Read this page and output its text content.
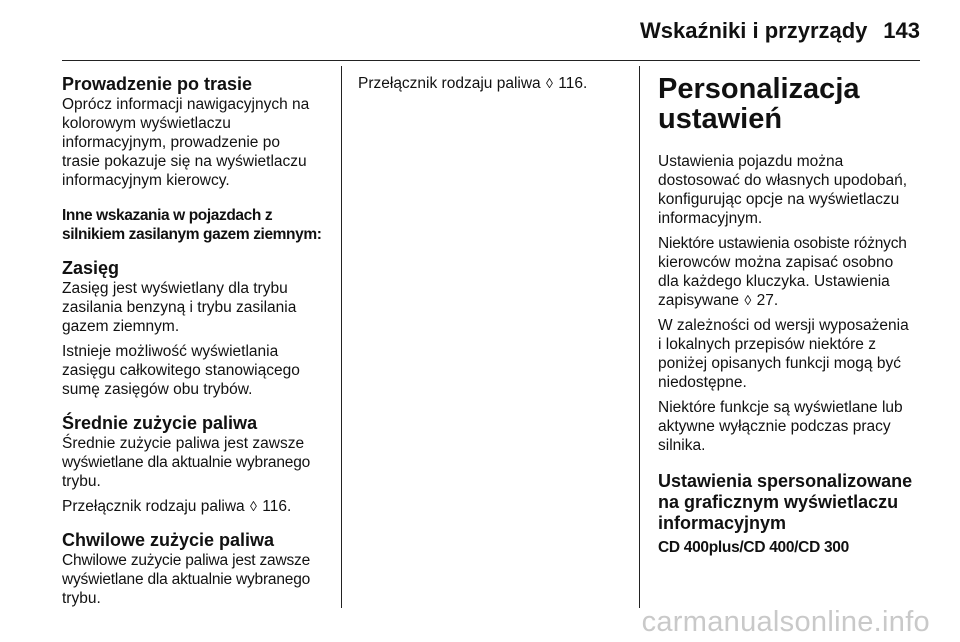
Wskaźniki i przyrządy 143
Prowadzenie po trasie

Oprócz informacji nawigacyjnych na
kolorowym wyświetlaczu
informacyjnym, prowadzenie po
trasie pokazuje się na wyświetlaczu
informacyjnym kierowcy.

Inne wskazania w pojazdach z
silnikiem zasilanym gazem ziemnym:
Zasięg

Zasięg jest wyświetlany dla trybu
zasilania benzyną i trybu zasilania
gazem ziemnym.

Istnieje możliwość wyświetlania
zasięgu całkowitego stanowiącego
sumę zasięgów obu trybów.

Średnie zużycie paliwa

Średnie zużycie paliwa jest zawsze
wyświetlane dla aktualnie wybranego
trybu.

Przełącznik rodzaju paliwa ◊ 116.

Chwilowe zużycie paliwa

Chwilowe zużycie paliwa jest zawsze
wyświetlane dla aktualnie wybranego
trybu.

Przełącznik rodzaju paliwa ◊ 116.	Personalizacja
ustawień

Ustawienia pojazdu można
dostosować do własnych upodobań,
konfigurując opcje na wyświetlaczu
informacyjnym.

Niektóre ustawienia osobiste różnych
kierowców można zapisać osobno
dla każdego kluczyka. Ustawienia
zapisywane ◊ 27.

W zależności od wersji wyposażenia
i lokalnych przepisów niektóre z
poniżej opisanych funkcji mogą być
niedostępne.

Niektóre funkcje są wyświetlane lub
aktywne wyłącznie podczas pracy
silnika.

Ustawienia spersonalizowane
na graficznym wyświetlaczu
informacyjnym
CD 400plus/CD 400/CD 300
carmanualsonline.info
